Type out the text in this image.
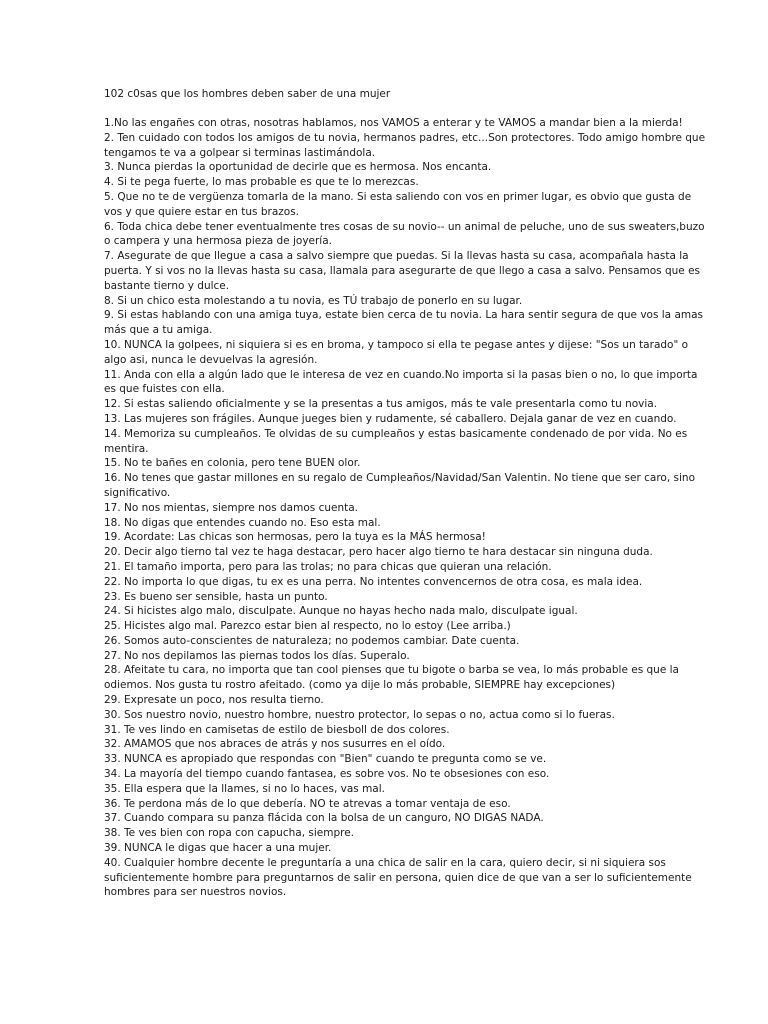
102 c0sas que los hombres deben saber de una mujer
1.No las engañes con otras, nosotras hablamos, nos VAMOS a enterar y te VAMOS a mandar bien a la mierda!
2. Ten cuidado con todos los amigos de tu novia, hermanos padres, etc...Son protectores. Todo amigo hombre que tengamos te va a golpear si terminas lastimándola.
3. Nunca pierdas la oportunidad de decirle que es hermosa. Nos encanta.
4. Si te pega fuerte, lo mas probable es que te lo merezcas.
5. Que no te de vergüenza tomarla de la mano. Si esta saliendo con vos en primer lugar, es obvio que gusta de vos y que quiere estar en tus brazos.
6. Toda chica debe tener eventualmente tres cosas de su novio-- un animal de peluche, uno de sus sweaters,buzo o campera y una hermosa pieza de joyería.
7. Asegurate de que llegue a casa a salvo siempre que puedas. Si la llevas hasta su casa, acompañala hasta la puerta. Y si vos no la llevas hasta su casa, llamala para asegurarte de que llego a casa a salvo. Pensamos que es bastante tierno y dulce.
8. Si un chico esta molestando a tu novia, es TÚ trabajo de ponerlo en su lugar.
9. Si estas hablando con una amiga tuya, estate bien cerca de tu novia. La hara sentir segura de que vos la amas más que a tu amiga.
10. NUNCA la golpees, ni siquiera si es en broma, y tampoco si ella te pegase antes y dijese: "Sos un tarado" o algo asi, nunca le devuelvas la agresión.
11. Anda con ella a algún lado que le interesa de vez en cuando.No importa si la pasas bien o no, lo que importa es que fuistes con ella.
12. Si estas saliendo oficialmente y se la presentas a tus amigos, más te vale presentarla como tu novia.
13. Las mujeres son frágiles. Aunque jueges bien y rudamente, sé caballero. Dejala ganar de vez en cuando.
14. Memoriza su cumpleaños. Te olvidas de su cumpleaños y estas basicamente condenado de por vida. No es mentira.
15. No te bañes en colonia, pero tene BUEN olor.
16. No tenes que gastar millones en su regalo de Cumpleaños/Navidad/San Valentin. No tiene que ser caro, sino significativo.
17. No nos mientas, siempre nos damos cuenta.
18. No digas que entendes cuando no. Eso esta mal.
19. Acordate: Las chicas son hermosas, pero la tuya es la MÁS hermosa!
20. Decir algo tierno tal vez te haga destacar, pero hacer algo tierno te hara destacar sin ninguna duda.
21. El tamaño importa, pero para las trolas; no para chicas que quieran una relación.
22. No importa lo que digas, tu ex es una perra. No intentes convencernos de otra cosa, es mala idea.
23. Es bueno ser sensible, hasta un punto.
24. Si hicistes algo malo, disculpate. Aunque no hayas hecho nada malo, disculpate igual.
25. Hicistes algo mal. Parezco estar bien al respecto, no lo estoy (Lee arriba.)
26. Somos auto-conscientes de naturaleza; no podemos cambiar. Date cuenta.
27. No nos depilamos las piernas todos los días. Superalo.
28. Afeitate tu cara, no importa que tan cool pienses que tu bigote o barba se vea, lo más probable es que la odiemos. Nos gusta tu rostro afeitado. (como ya dije lo más probable, SIEMPRE hay excepciones)
29. Expresate un poco, nos resulta tierno.
30. Sos nuestro novio, nuestro hombre, nuestro protector, lo sepas o no, actua como si lo fueras.
31. Te ves lindo en camisetas de estilo de biesboll de dos colores.
32. AMAMOS que nos abraces de atrás y nos susurres en el oído.
33. NUNCA es apropiado que respondas con "Bien" cuando te pregunta como se ve.
34. La mayoría del tiempo cuando fantasea, es sobre vos. No te obsesiones con eso.
35. Ella espera que la llames, si no lo haces, vas mal.
36. Te perdona más de lo que debería. NO te atrevas a tomar ventaja de eso.
37. Cuando compara su panza flácida con la bolsa de un canguro, NO DIGAS NADA.
38. Te ves bien con ropa con capucha, siempre.
39. NUNCA le digas que hacer a una mujer.
40. Cualquier hombre decente le preguntaría a una chica de salir en la cara, quiero decir, si ni siquiera sos suficientemente hombre para preguntarnos de salir en persona, quien dice de que van a ser lo suficientemente hombres para ser nuestros novios.
